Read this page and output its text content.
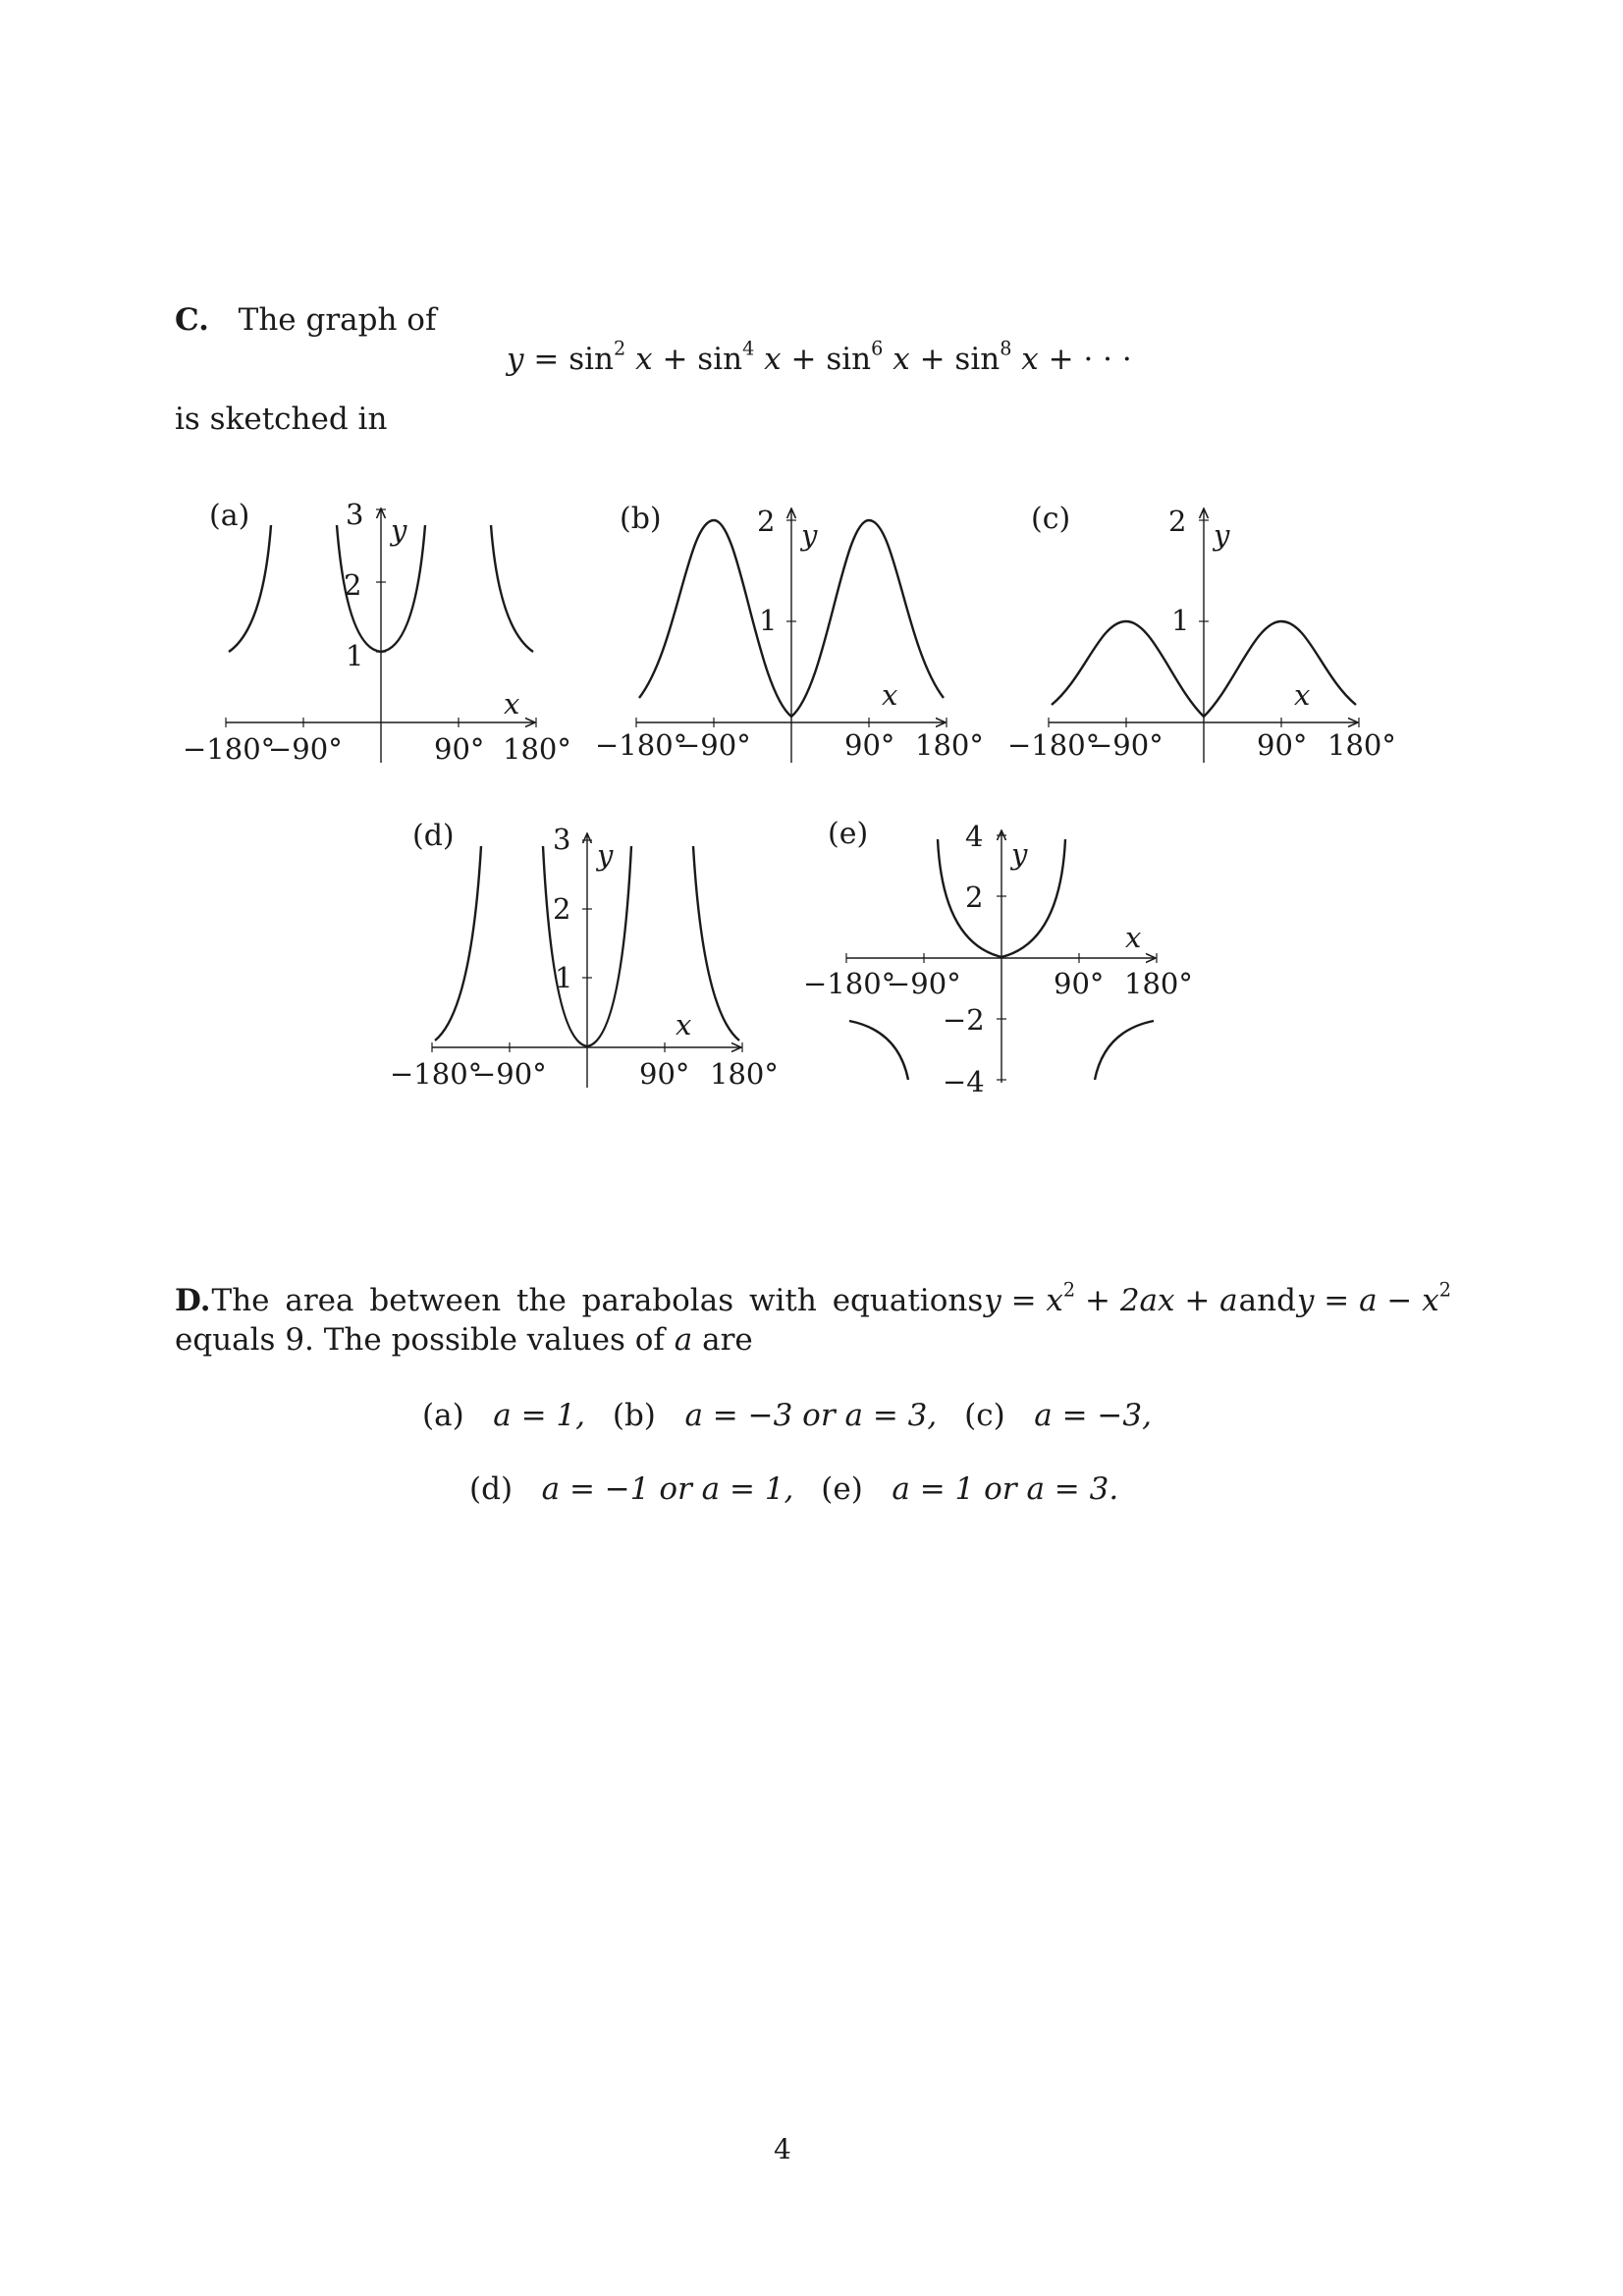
C. The graph of
$y = \sin^2 x + \sin^4 x + \sin^6 x + \sin^8 x$ + · · ·
is sketched in
(a)	3
2
1
y
x
−180°
−90°	90° 180°
(b)	2
1
y
x
−180°
−90°	90° 180°
(c)	2
1
y
x
−180°
−90°	90° 180°
(d)	3
2
1
y
x
−180°
−90°	90° 180°
(e)	4
2
−2
−4
y
x
−180°
−90°	90° 180°
D. The area between the parabolas with equations $y = x^2 + 2ax + a$ and $y = a - x^2$
equals 9. The possible values of a are
(a) a = 1, (b) a = −3 or a = 3, (c) a = −3,
(d) a = −1 or a = 1, (e) a = 1 or a = 3.
4
